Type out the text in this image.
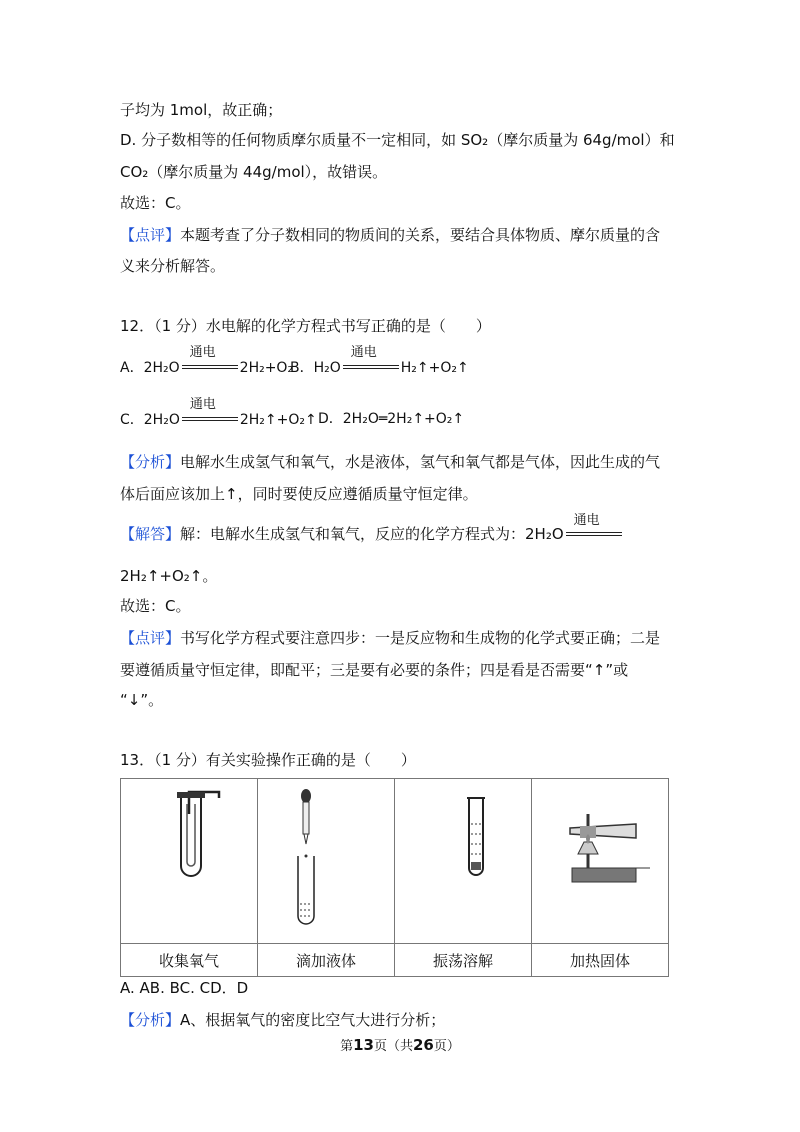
子均为 1mol，故正确；
D. 分子数相等的任何物质摩尔质量不一定相同，如 SO₂（摩尔质量为 64g/mol）和
CO₂（摩尔质量为 44g/mol），故错误。
故选：C。
【点评】本题考查了分子数相同的物质间的关系，要结合具体物质、摩尔质量的含
义来分析解答。
12．（1 分）水电解的化学方程式书写正确的是（　　）
A．2H₂O
通电
2H₂+O₂
B．H₂O
通电
H₂↑+O₂↑
C．2H₂O
通电
2H₂↑+O₂↑ D．2H₂O═2H₂↑+O₂↑
【分析】电解水生成氢气和氧气，水是液体，氢气和氧气都是气体，因此生成的气
体后面应该加上↑，同时要使反应遵循质量守恒定律。
【解答】解：电解水生成氢气和氧气，反应的化学方程式为：2H₂O
通电
2H₂↑+O₂↑。
故选：C。
【点评】书写化学方程式要注意四步：一是反应物和生成物的化学式要正确；二是
要遵循质量守恒定律，即配平；三是要有必要的条件；四是看是否需要“↑”或
“↓”。
13．（1 分）有关实验操作正确的是（　　）

收集氧气	滴加液体	振荡溶解	加热固体
A. AB. BC. CD．D
【分析】A、根据氧气的密度比空气大进行分析；
第13页（共26页）
